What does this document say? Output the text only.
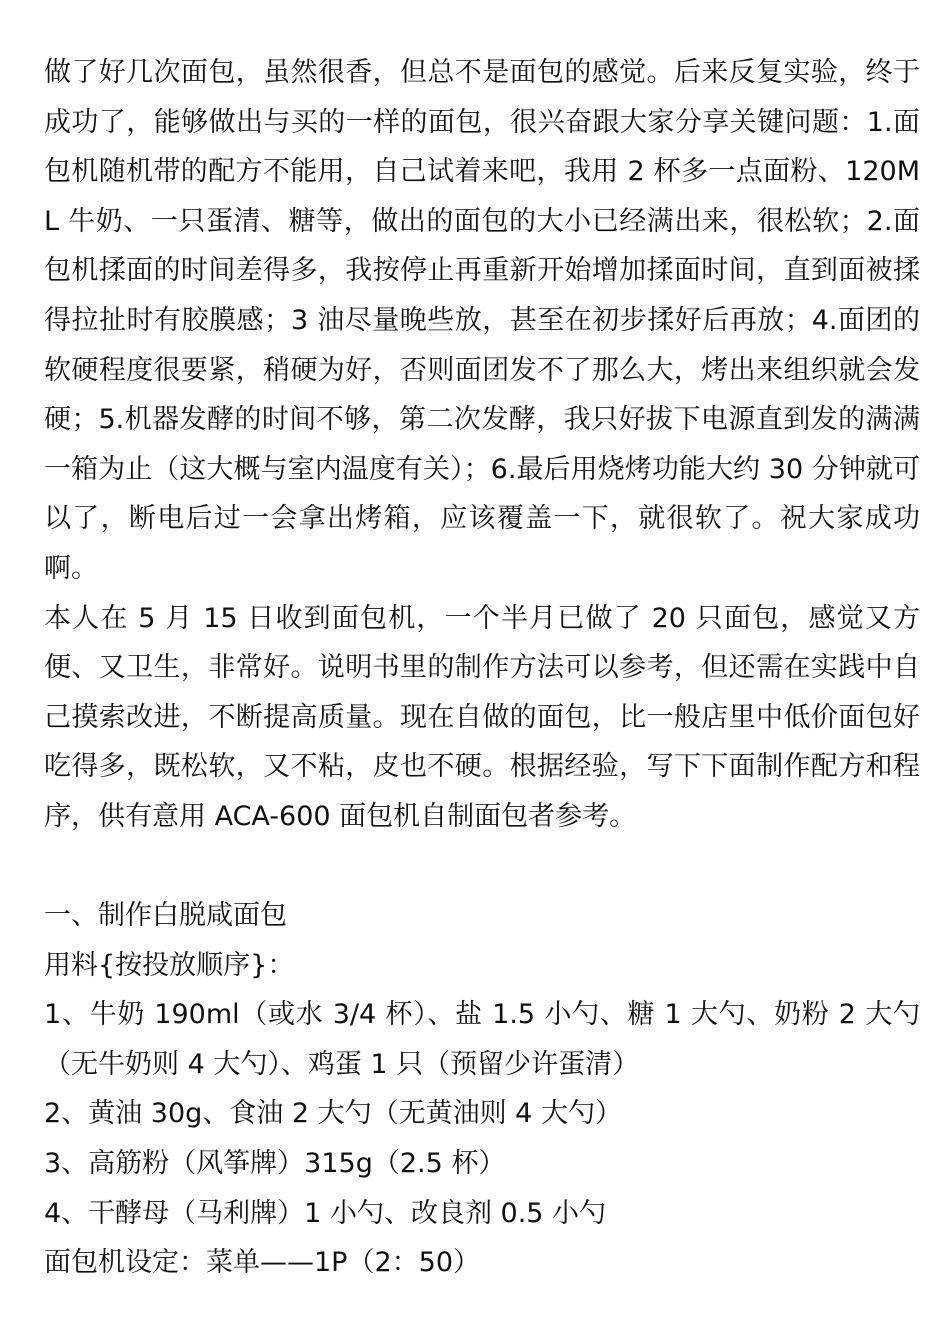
做了好几次面包，虽然很香，但总不是面包的感觉。后来反复实验，终于成功了，能够做出与买的一样的面包，很兴奋跟大家分享关键问题：1.面包机随机带的配方不能用，自己试着来吧，我用 2 杯多一点面粉、120ML 牛奶、一只蛋清、糖等，做出的面包的大小已经满出来，很松软；2.面包机揉面的时间差得多，我按停止再重新开始增加揉面时间，直到面被揉得拉扯时有胶膜感；3 油尽量晚些放，甚至在初步揉好后再放；4.面团的软硬程度很要紧，稍硬为好，否则面团发不了那么大，烤出来组织就会发硬；5.机器发酵的时间不够，第二次发酵，我只好拔下电源直到发的满满一箱为止（这大概与室内温度有关）；6.最后用烧烤功能大约 30 分钟就可以了，断电后过一会拿出烤箱，应该覆盖一下，就很软了。祝大家成功啊。

本人在 5 月 15 日收到面包机，一个半月已做了 20 只面包，感觉又方便、又卫生，非常好。说明书里的制作方法可以参考，但还需在实践中自己摸索改进，不断提高质量。现在自做的面包，比一般店里中低价面包好吃得多，既松软，又不粘，皮也不硬。根据经验，写下下面制作配方和程序，供有意用 ACA-600 面包机自制面包者参考。

一、制作白脱咸面包

用料{按投放顺序}：

1、牛奶 190ml（或水 3/4 杯）、盐 1.5 小勺、糖 1 大勺、奶粉 2 大勺（无牛奶则 4 大勺）、鸡蛋 1 只（预留少许蛋清）

2、黄油 30g、食油 2 大勺（无黄油则 4 大勺）

3、高筋粉（风筝牌）315g（2.5 杯）

4、干酵母（马利牌）1 小勺、改良剂 0.5 小勺

面包机设定：菜单——1P（2：50）
